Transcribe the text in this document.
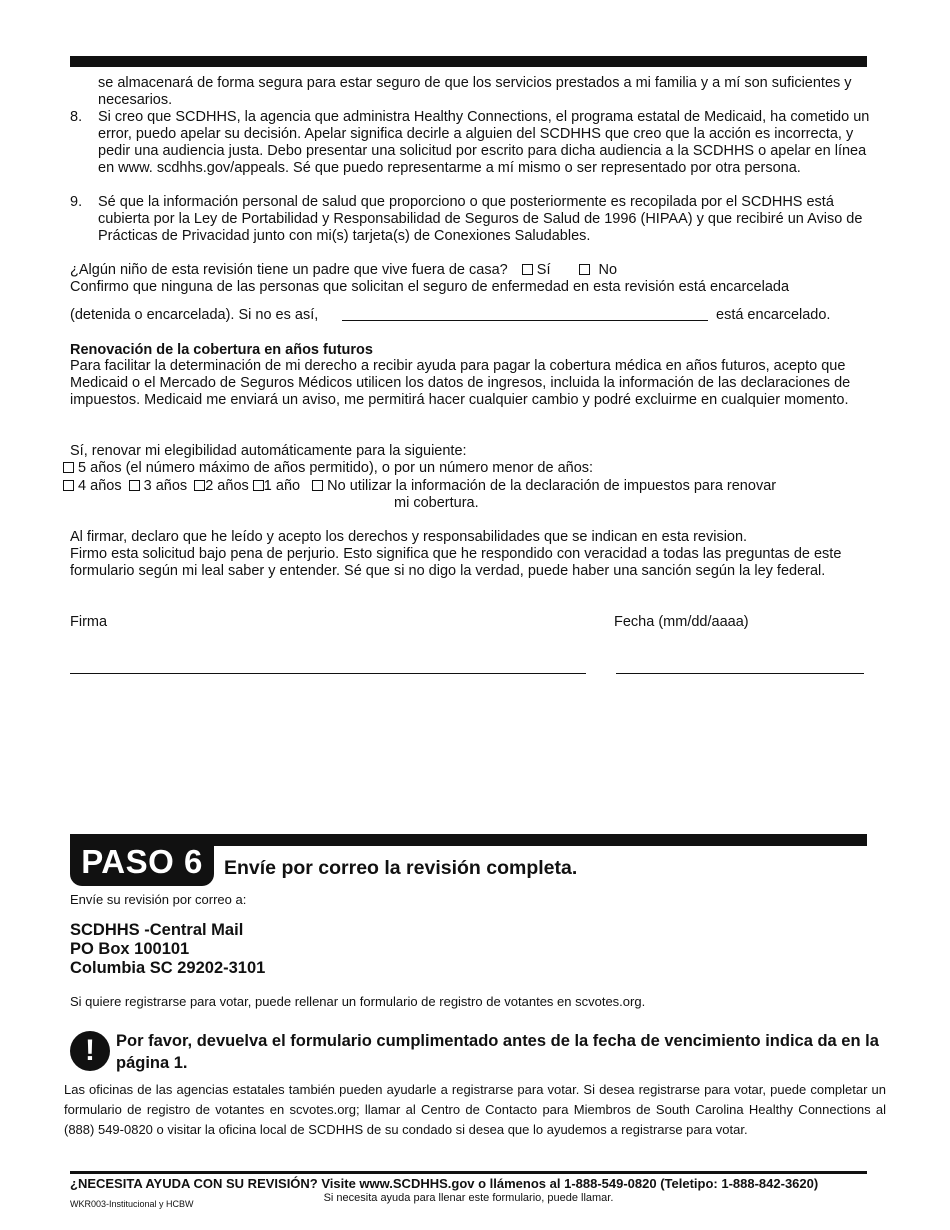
se almacenará de forma segura para estar seguro de que los servicios prestados a mi familia y a mí son suficientes y necesarios.
8.	Si creo que SCDHHS, la agencia que administra Healthy Connections, el programa estatal de Medicaid, ha cometido un error, puedo apelar su decisión. Apelar significa decirle a alguien del SCDHHS que creo que la acción es incorrecta, y pedir una audiencia justa. Debo presentar una solicitud por escrito para dicha audiencia a la SCDHHS o apelar en línea en www. scdhhs.gov/appeals. Sé que puedo representarme a mí mismo o ser representado por otra persona.
9.	Sé que la información personal de salud que proporciono o que posteriormente es recopilada por el SCDHHS está cubierta por la Ley de Portabilidad y Responsabilidad de Seguros de Salud de 1996 (HIPAA) y que recibiré un Aviso de Prácticas de Privacidad junto con mi(s) tarjeta(s) de Conexiones Saludables.
¿Algún niño de esta revisión tiene un padre que vive fuera de casa? Sí	No
Confirmo que ninguna de las personas que solicitan el seguro de enfermedad en esta revisión está encarcelada
(detenida o encarcelada). Si no es así,	está encarcelado.
Renovación de la cobertura en años futuros
Para facilitar la determinación de mi derecho a recibir ayuda para pagar la cobertura médica en años futuros, acepto que Medicaid o el Mercado de Seguros Médicos utilicen los datos de ingresos, incluida la información de las declaraciones de impuestos. Medicaid me enviará un aviso, me permitirá hacer cualquier cambio y podré excluirme en cualquier momento.
Sí, renovar mi elegibilidad automáticamente para la siguiente:
5 años (el número máximo de años permitido), o por un número menor de años:
4 años 3 años 2 años 1 año No utilizar la información de la declaración de impuestos para renovar
mi cobertura.
Al firmar, declaro que he leído y acepto los derechos y responsabilidades que se indican en esta revision.
Firmo esta solicitud bajo pena de perjurio. Esto significa que he respondido con veracidad a todas las preguntas de este formulario según mi leal saber y entender. Sé que si no digo la verdad, puede haber una sanción según la ley federal.
Firma	Fecha (mm/dd/aaaa)
PASO 6	Envíe por correo la revisión completa.
Envíe su revisión por correo a:
SCDHHS -Central Mail
PO Box 100101
Columbia SC 29202-3101
Si quiere registrarse para votar, puede rellenar un formulario de registro de votantes en scvotes.org.
!	Por favor, devuelva el formulario cumplimentado antes de la fecha de vencimiento indica da en la página 1.
Las oficinas de las agencias estatales también pueden ayudarle a registrarse para votar. Si desea registrarse para votar, puede completar un formulario de registro de votantes en scvotes.org; llamar al Centro de Contacto para Miembros de South Carolina Healthy Connections al (888) 549-0820 o visitar la oficina local de SCDHHS de su condado si desea que lo ayudemos a registrarse para votar.
¿NECESITA AYUDA CON SU REVISIÓN? Visite www.SCDHHS.gov o llámenos al 1-888-549-0820 (Teletipo: 1-888-842-3620)
Si necesita ayuda para llenar este formulario, puede llamar.
WKR003-Institucional y HCBW
